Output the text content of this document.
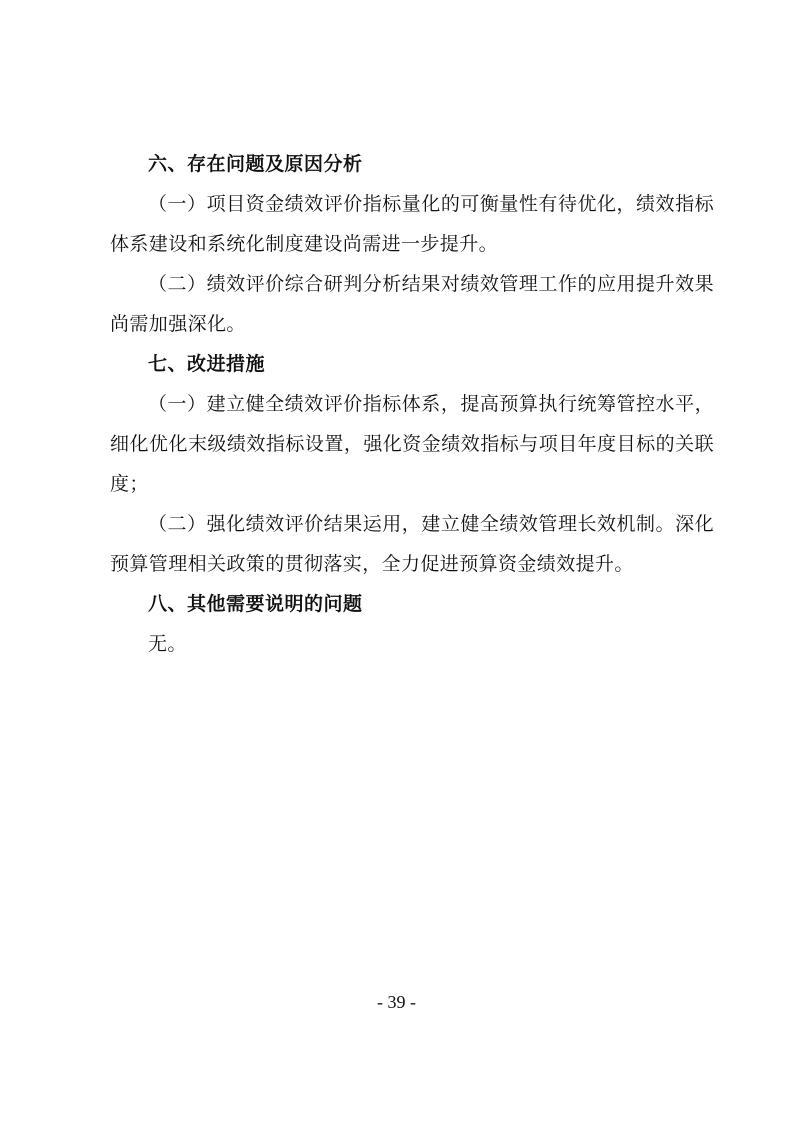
六、存在问题及原因分析

（一）项目资金绩效评价指标量化的可衡量性有待优化，绩效指标体系建设和系统化制度建设尚需进一步提升。

（二）绩效评价综合研判分析结果对绩效管理工作的应用提升效果尚需加强深化。

七、改进措施

（一）建立健全绩效评价指标体系，提高预算执行统筹管控水平，细化优化末级绩效指标设置，强化资金绩效指标与项目年度目标的关联度；

（二）强化绩效评价结果运用，建立健全绩效管理长效机制。深化预算管理相关政策的贯彻落实，全力促进预算资金绩效提升。

八、其他需要说明的问题

无。

- 39 -
